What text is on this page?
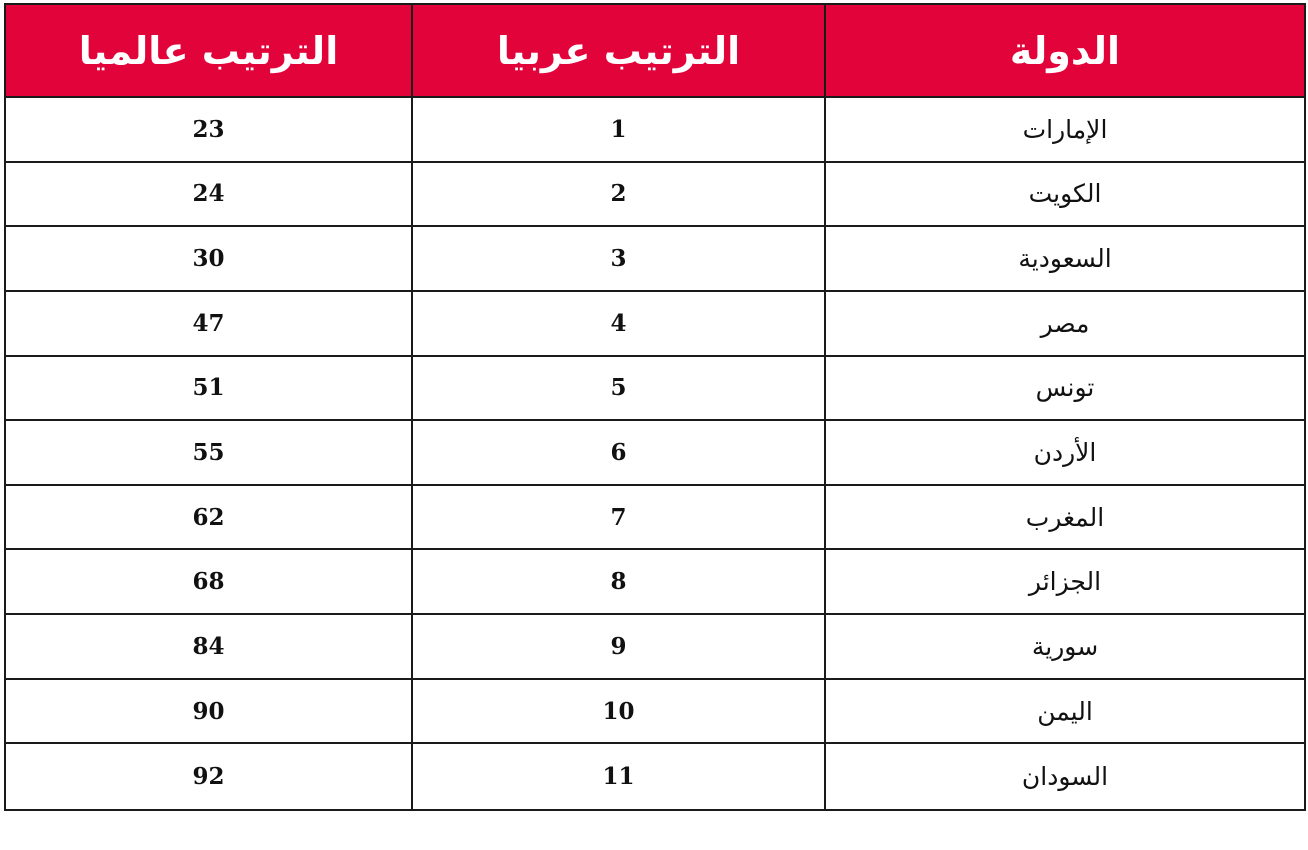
الترتيب عالميا	الترتيب عربيا	الدولة
23	1	الإمارات
24	2	الكويت
30	3	السعودية
47	4	مصر
51	5	تونس
55	6	الأردن
62	7	المغرب
68	8	الجزائر
84	9	سورية
90	10	اليمن
92	11	السودان
